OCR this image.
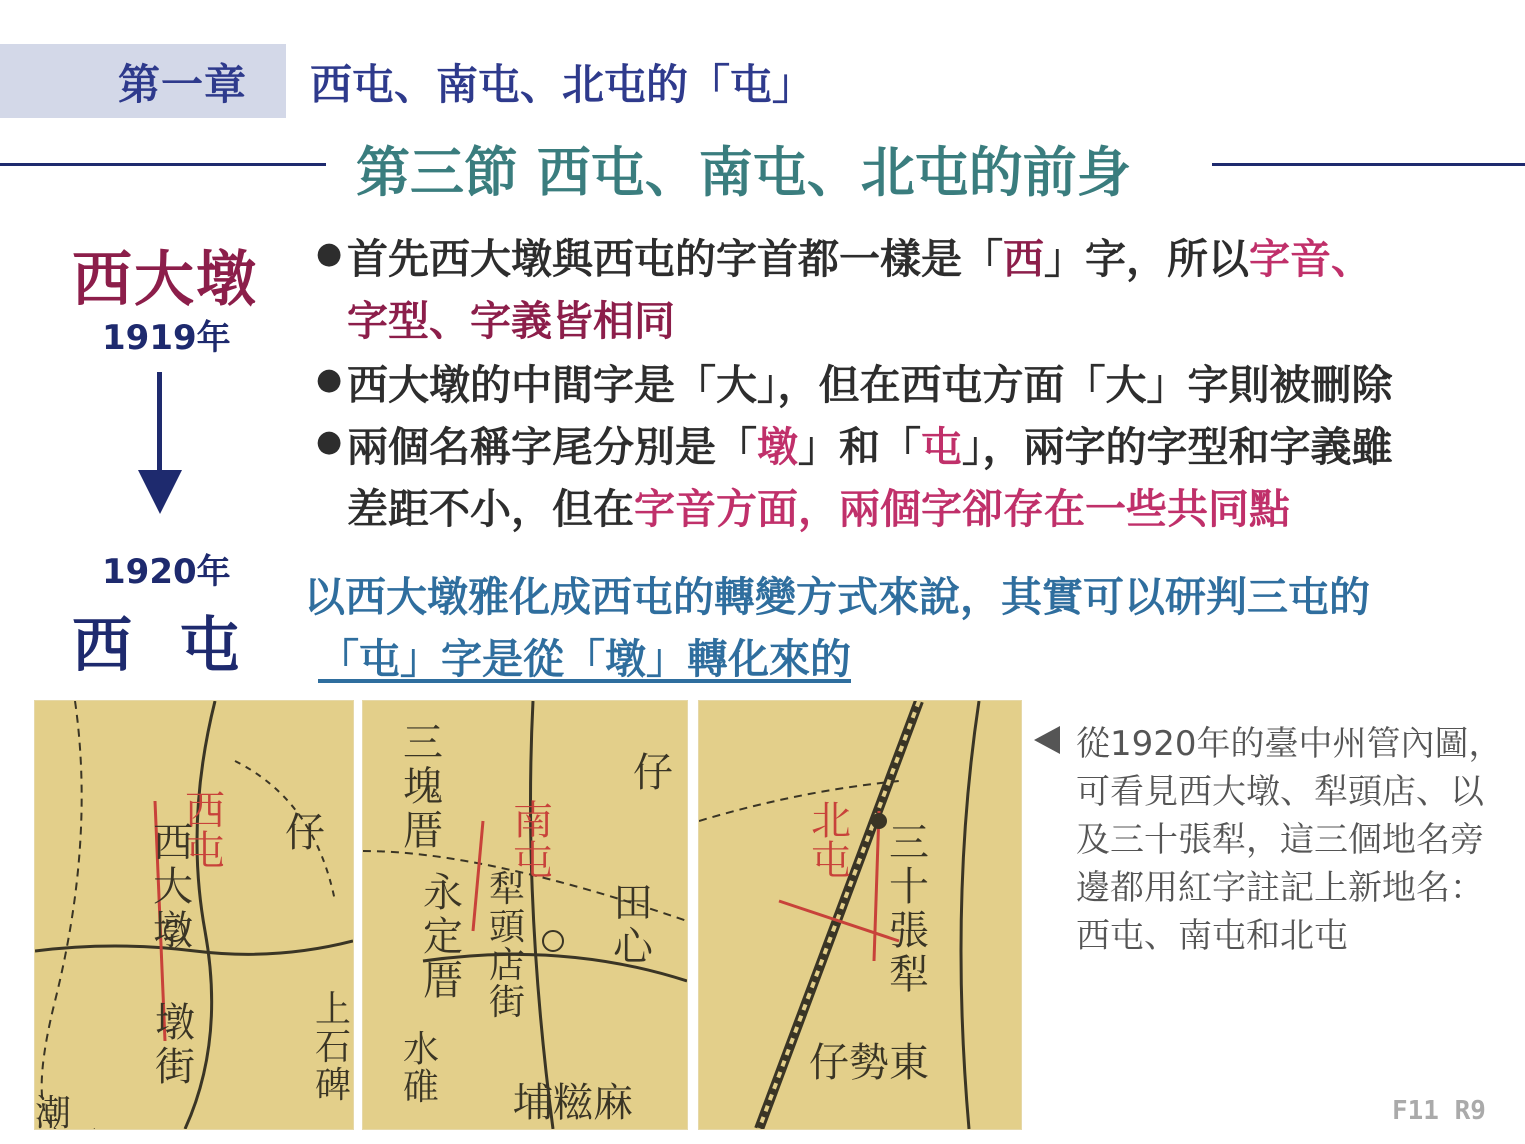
第一章 西屯、南屯、北屯的「屯」
第三節 西屯、南屯、北屯的前身
西大墩
1919年
1920年
西  屯
● 首先西大墩與西屯的字首都一樣是「西」字，所以字音、
字型、字義皆相同
● 西大墩的中間字是「大」，但在西屯方面「大」字則被刪除
● 兩個名稱字尾分別是「墩」和「屯」，兩字的字型和字義雖
差距不小，但在字音方面，兩個字卻存在一些共同點
以西大墩雅化成西屯的轉變方式來說，其實可以研判三屯的
「屯」字是從「墩」轉化來的
西
屯
西
大
墩
仔
墩
街
上
石
碑
潮
三
塊
厝
永
定
厝
南
屯
犁
頭
店
街
水
碓 埔糍麻
田
心
仔
北
屯 三
十
張
犁
仔勢東
從1920年的臺中州管內圖，
可看見西大墩、犁頭店、以
及三十張犁，這三個地名旁
邊都用紅字註記上新地名：
西屯、南屯和北屯
F11 R9
